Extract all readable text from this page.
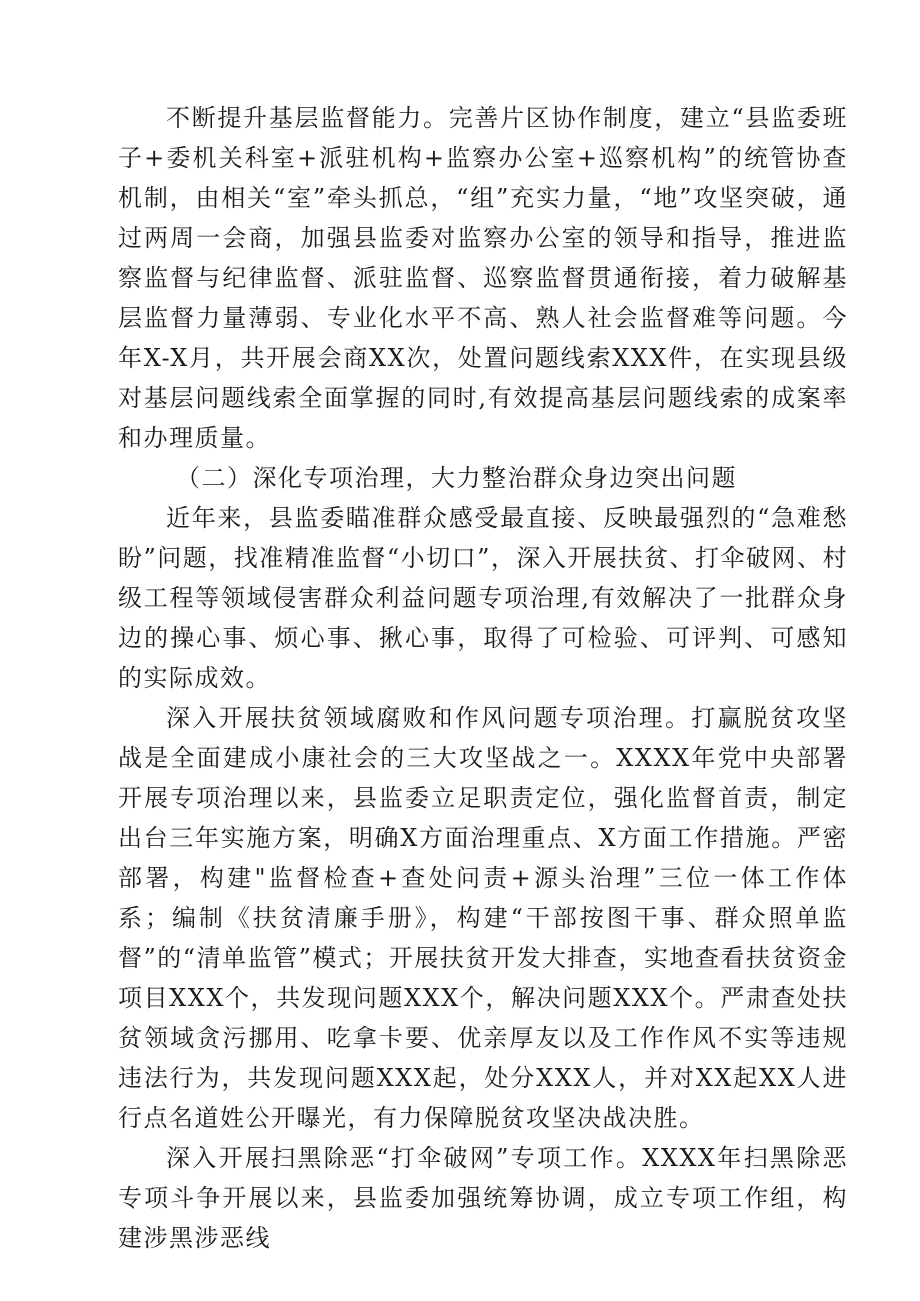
不断提升基层监督能力。完善片区协作制度，建立“县监委班子+委机关科室+派驻机构+监察办公室+巡察机构”的统管协查机制，由相关“室”牵头抓总，“组”充实力量，“地”攻坚突破，通过两周一会商，加强县监委对监察办公室的领导和指导，推进监察监督与纪律监督、派驻监督、巡察监督贯通衔接，着力破解基层监督力量薄弱、专业化水平不高、熟人社会监督难等问题。今年X-X月，共开展会商XX次，处置问题线索XXX件，在实现县级对基层问题线索全面掌握的同时,有效提高基层问题线索的成案率和办理质量。

（二）深化专项治理，大力整治群众身边突出问题

近年来，县监委瞄准群众感受最直接、反映最强烈的“急难愁盼”问题，找准精准监督“小切口”，深入开展扶贫、打伞破网、村级工程等领域侵害群众利益问题专项治理,有效解决了一批群众身边的操心事、烦心事、揪心事，取得了可检验、可评判、可感知的实际成效。

深入开展扶贫领域腐败和作风问题专项治理。打赢脱贫攻坚战是全面建成小康社会的三大攻坚战之一。XXXX年党中央部署开展专项治理以来，县监委立足职责定位，强化监督首责，制定出台三年实施方案，明确X方面治理重点、X方面工作措施。严密部署，构建"监督检查+查处问责+源头治理”三位一体工作体系；编制《扶贫清廉手册》，构建“干部按图干事、群众照单监督”的“清单监管”模式；开展扶贫开发大排查，实地查看扶贫资金项目XXX个，共发现问题XXX个，解决问题XXX个。严肃查处扶贫领域贪污挪用、吃拿卡要、优亲厚友以及工作作风不实等违规违法行为，共发现问题XXX起，处分XXX人，并对XX起XX人进行点名道姓公开曝光，有力保障脱贫攻坚决战决胜。

深入开展扫黑除恶“打伞破网”专项工作。XXXX年扫黑除恶专项斗争开展以来，县监委加强统筹协调，成立专项工作组，构建涉黑涉恶线
